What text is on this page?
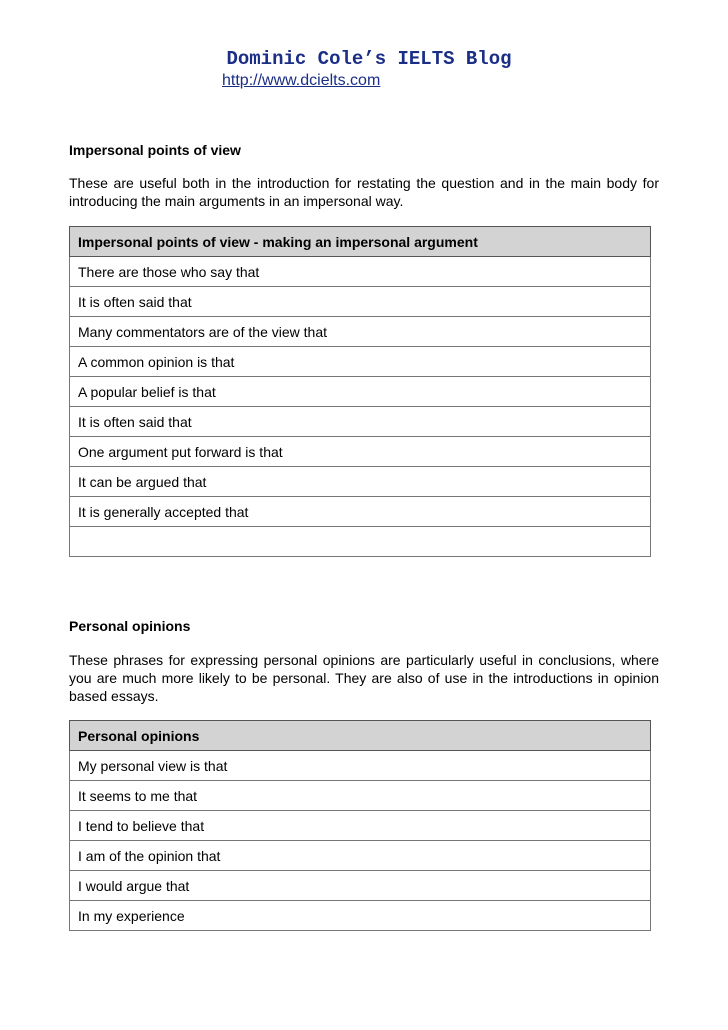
Dominic Cole’s IELTS Blog
http://www.dcielts.com
Impersonal points of view
These are useful both in the introduction for restating the question and in the main body for introducing the main arguments in an impersonal way.
Impersonal points of view - making an impersonal argument
There are those who say that
It is often said that
Many commentators are of the view that
A common opinion is that
A popular belief is that
It is often said that
One argument put forward is that
It can be argued that
It is generally accepted that

Personal opinions
These phrases for expressing personal opinions are particularly useful in conclusions, where you are much more likely to be personal. They are also of use in the introductions in opinion based essays.
Personal opinions
My personal view is that
It seems to me that
I tend to believe that
I am of the opinion that
I would argue that
In my experience
